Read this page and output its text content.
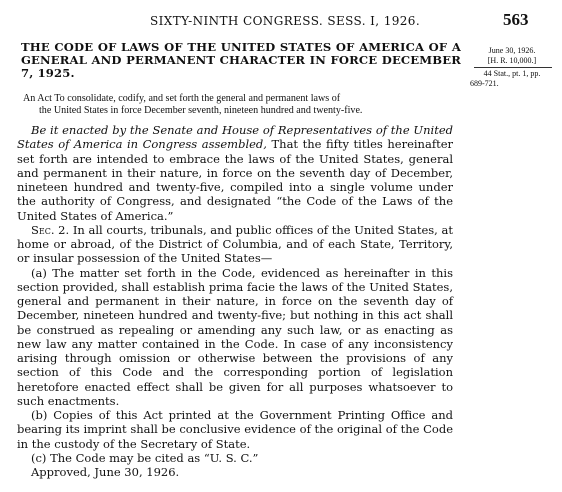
SIXTY-NINTH CONGRESS. SESS. I, 1926.	563
THE CODE OF LAWS OF THE UNITED STATES OF AMERICA OF A GENERAL AND PERMANENT CHARACTER IN FORCE DECEMBER 7, 1925.
June 30, 1926.
[H. R. 10,000.]
44 Stat., pt. 1, pp.
689-721.
An Act To consolidate, codify, and set forth the general and permanent laws of
the United States in force December seventh, nineteen hundred and twenty-five.

Be it enacted by the Senate and House of Representatives of the United States of America in Congress assembled, That the fifty titles hereinafter set forth are intended to embrace the laws of the United States, general and permanent in their nature, in force on the seventh day of December, nineteen hundred and twenty-five, compiled into a single volume under the authority of Congress, and designated “the Code of the Laws of the United States of America.”

Sec. 2. In all courts, tribunals, and public offices of the United States, at home or abroad, of the District of Columbia, and of each State, Territory, or insular possession of the United States—

(a) The matter set forth in the Code, evidenced as hereinafter in this section provided, shall establish prima facie the laws of the United States, general and permanent in their nature, in force on the seventh day of December, nineteen hundred and twenty-five; but nothing in this act shall be construed as repealing or amending any such law, or as enacting as new law any matter contained in the Code. In case of any inconsistency arising through omission or otherwise between the provisions of any section of this Code and the corresponding portion of legislation heretofore enacted effect shall be given for all purposes whatsoever to such enactments.

(b) Copies of this Act printed at the Government Printing Office and bearing its imprint shall be conclusive evidence of the original of the Code in the custody of the Secretary of State.

(c) The Code may be cited as “U. S. C.”

Approved, June 30, 1926.
